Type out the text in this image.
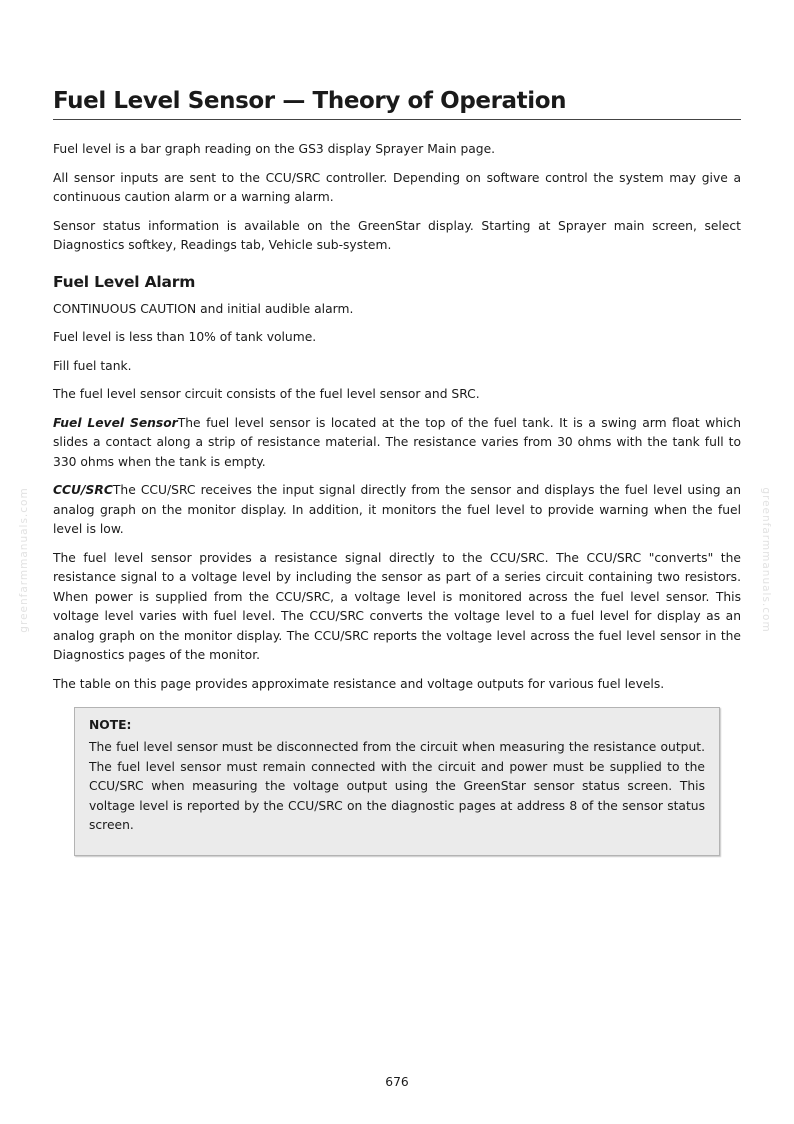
greenfarmmanuals.com	greenfarmmanuals.com
Fuel Level Sensor — Theory of Operation

Fuel level is a bar graph reading on the GS3 display Sprayer Main page.

All sensor inputs are sent to the CCU/SRC controller. Depending on software control the system may give a continuous caution alarm or a warning alarm.

Sensor status information is available on the GreenStar display. Starting at Sprayer main screen, select Diagnostics softkey, Readings tab, Vehicle sub-system.

Fuel Level Alarm

CONTINUOUS CAUTION and initial audible alarm.

Fuel level is less than 10% of tank volume.

Fill fuel tank.

The fuel level sensor circuit consists of the fuel level sensor and SRC.

Fuel Level SensorThe fuel level sensor is located at the top of the fuel tank. It is a swing arm float which slides a contact along a strip of resistance material. The resistance varies from 30 ohms with the tank full to 330 ohms when the tank is empty.

CCU/SRCThe CCU/SRC receives the input signal directly from the sensor and displays the fuel level using an analog graph on the monitor display. In addition, it monitors the fuel level to provide warning when the fuel level is low.

The fuel level sensor provides a resistance signal directly to the CCU/SRC. The CCU/SRC "converts" the resistance signal to a voltage level by including the sensor as part of a series circuit containing two resistors. When power is supplied from the CCU/SRC, a voltage level is monitored across the fuel level sensor. This voltage level varies with fuel level. The CCU/SRC converts the voltage level to a fuel level for display as an analog graph on the monitor display. The CCU/SRC reports the voltage level across the fuel level sensor in the Diagnostics pages of the monitor.

The table on this page provides approximate resistance and voltage outputs for various fuel levels.

NOTE:

The fuel level sensor must be disconnected from the circuit when measuring the resistance output. The fuel level sensor must remain connected with the circuit and power must be supplied to the CCU/SRC when measuring the voltage output using the GreenStar sensor status screen. This voltage level is reported by the CCU/SRC on the diagnostic pages at address 8 of the sensor status screen.

676
